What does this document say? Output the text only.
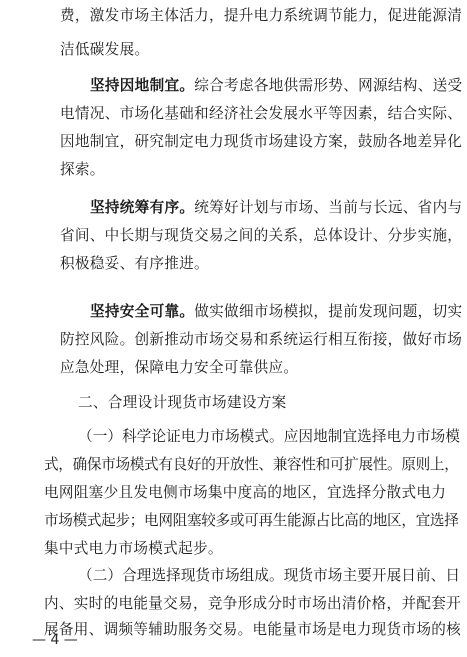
费，激发市场主体活力，提升电力系统调节能力，促进能源清
洁低碳发展。
坚持因地制宜。综合考虑各地供需形势、网源结构、送受
电情况、市场化基础和经济社会发展水平等因素，结合实际、
因地制宜，研究制定电力现货市场建设方案，鼓励各地差异化
探索。
坚持统筹有序。统筹好计划与市场、当前与长远、省内与
省间、中长期与现货交易之间的关系，总体设计、分步实施，
积极稳妥、有序推进。
坚持安全可靠。做实做细市场模拟，提前发现问题，切实
防控风险。创新推动市场交易和系统运行相互衔接，做好市场
应急处理，保障电力安全可靠供应。
二、合理设计现货市场建设方案
（一）科学论证电力市场模式。应因地制宜选择电力市场模
式，确保市场模式有良好的开放性、兼容性和可扩展性。原则上，
电网阻塞少且发电侧市场集中度高的地区，宜选择分散式电力
市场模式起步；电网阻塞较多或可再生能源占比高的地区，宜选择
集中式电力市场模式起步。
（二）合理选择现货市场组成。现货市场主要开展日前、日
内、实时的电能量交易，竞争形成分时市场出清价格，并配套开
展备用、调频等辅助服务交易。电能量市场是电力现货市场的核
— 4 —
